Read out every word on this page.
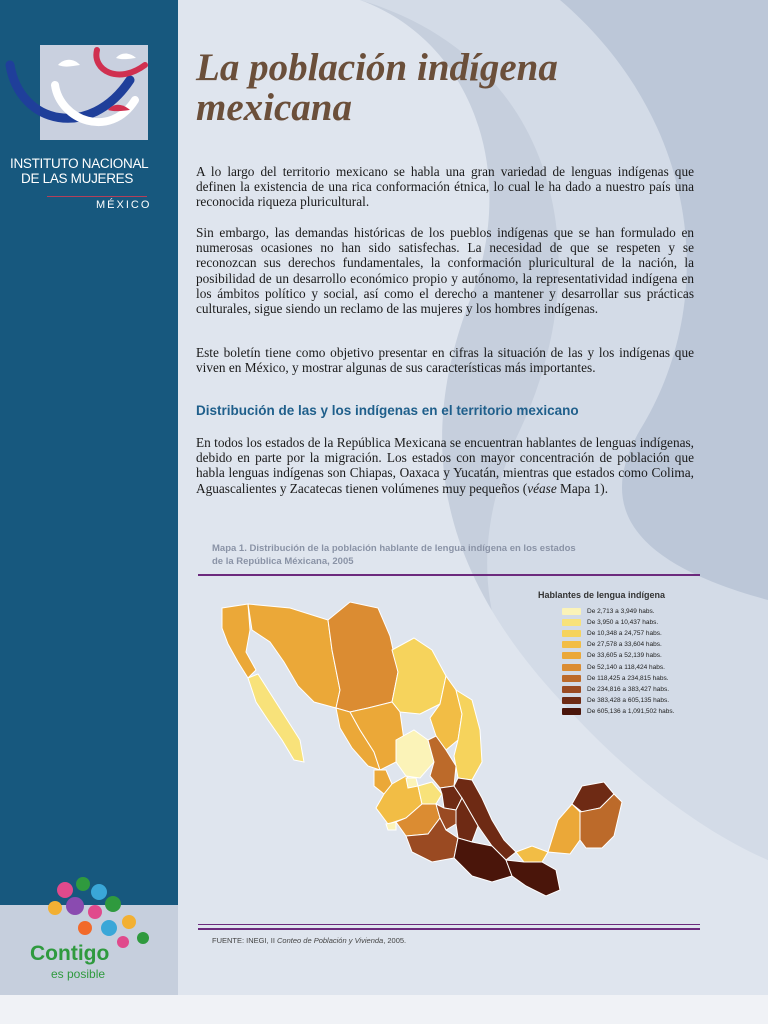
INSTITUTO NACIONAL
DE LAS MUJERES
MÉXICO
Contigo
es posible
La población indígena mexicana

A lo largo del territorio mexicano se habla una gran variedad de lenguas indígenas que definen la existencia de una rica conformación étnica, lo cual le ha dado a nuestro país una reconocida riqueza pluricultural.

Sin embargo, las demandas históricas de los pueblos indígenas que se han formulado en numerosas ocasiones no han sido satisfechas. La necesidad de que se respeten y se reconozcan sus derechos fundamentales, la conformación pluricultural de la nación, la posibilidad de un desarrollo económico propio y autónomo, la representatividad indígena en los ámbitos político y social, así como el derecho a mantener y desarrollar sus prácticas culturales, sigue siendo un reclamo de las mujeres y los hombres indígenas.

Este boletín tiene como objetivo presentar en cifras la situación de las y los indígenas que viven en México, y mostrar algunas de sus características más importantes.

Distribución de las y los indígenas en el territorio mexicano

En todos los estados de la República Mexicana se encuentran hablantes de lenguas indígenas, debido en parte por la migración. Los estados con mayor concentración de población que habla lenguas indígenas son Chiapas, Oaxaca y Yucatán, mientras que estados como Colima, Aguascalientes y Zacatecas tienen volúmenes muy pequeños (véase Mapa 1).

Mapa 1. Distribución de la población hablante de lengua indígena en los estados
de la República Méxicana, 2005
Hablantes de lengua indígena
De 2,713 a 3,949 habs.
De 3,950 a 10,437 habs.
De 10,348 a 24,757 habs.
De 27,578 a 33,604 habs.
De 33,605 a 52,139 habs.
De 52,140 a 118,424 habs.
De 118,425 a 234,815 habs.
De 234,816 a 383,427 habs.
De 383,428 a 605,135 habs.
De 605,136 a 1,091,502 habs.
FUENTE: INEGI, II Conteo de Población y Vivienda, 2005.
